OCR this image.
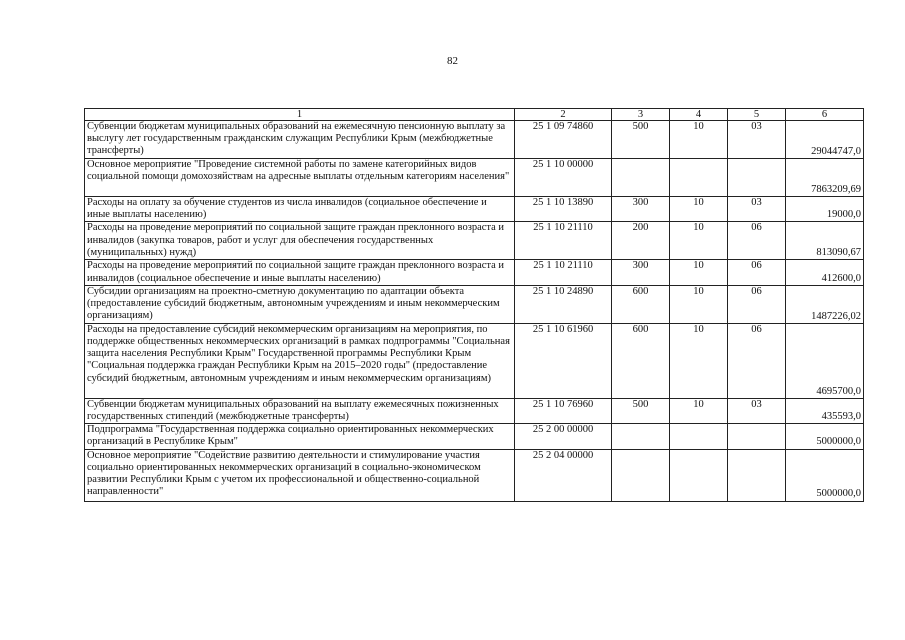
82
1	2	3	4	5	6
Субвенции бюджетам муниципальных образований на ежемесячную пенсионную выплату за выслугу лет государственным гражданским служащим Республики Крым (межбюджетные трансферты)	25 1 09 74860	500	10	03	29044747,0
Основное мероприятие "Проведение системной работы по замене категорийных видов социальной помощи домохозяйствам на адресные выплаты отдельным категориям населения"	25 1 10 00000				7863209,69
Расходы на оплату за обучение студентов из числа инвалидов (социальное обеспечение и иные выплаты населению)	25 1 10 13890	300	10	03	19000,0
Расходы на проведение мероприятий по социальной защите граждан преклонного возраста и инвалидов (закупка товаров, работ и услуг для обеспечения государственных (муниципальных) нужд)	25 1 10 21110	200	10	06	813090,67
Расходы на проведение мероприятий по социальной защите граждан преклонного возраста и инвалидов (социальное обеспечение и иные выплаты населению)	25 1 10 21110	300	10	06	412600,0
Субсидии организациям на проектно-сметную документацию по адаптации объекта (предоставление субсидий бюджетным, автономным учреждениям и иным некоммерческим организациям)	25 1 10 24890	600	10	06	1487226,02
Расходы на предоставление субсидий некоммерческим организациям на мероприятия, по поддержке общественных некоммерческих организаций в рамках подпрограммы "Социальная защита населения Республики Крым" Государственной программы Республики Крым "Социальная поддержка граждан Республики Крым на 2015–2020 годы" (предоставление субсидий бюджетным, автономным учреждениям и иным некоммерческим организациям)	25 1 10 61960	600	10	06	4695700,0
Субвенции бюджетам муниципальных образований на выплату ежемесячных пожизненных государственных стипендий (межбюджетные трансферты)	25 1 10 76960	500	10	03	435593,0
Подпрограмма "Государственная поддержка социально ориентированных некоммерческих организаций в Республике Крым"	25 2 00 00000				5000000,0
Основное мероприятие "Содействие развитию деятельности и стимулирование участия социально ориентированных некоммерческих организаций в социально-экономическом развитии Республики Крым с учетом их профессиональной и общественно-социальной направленности"	25 2 04 00000				5000000,0
